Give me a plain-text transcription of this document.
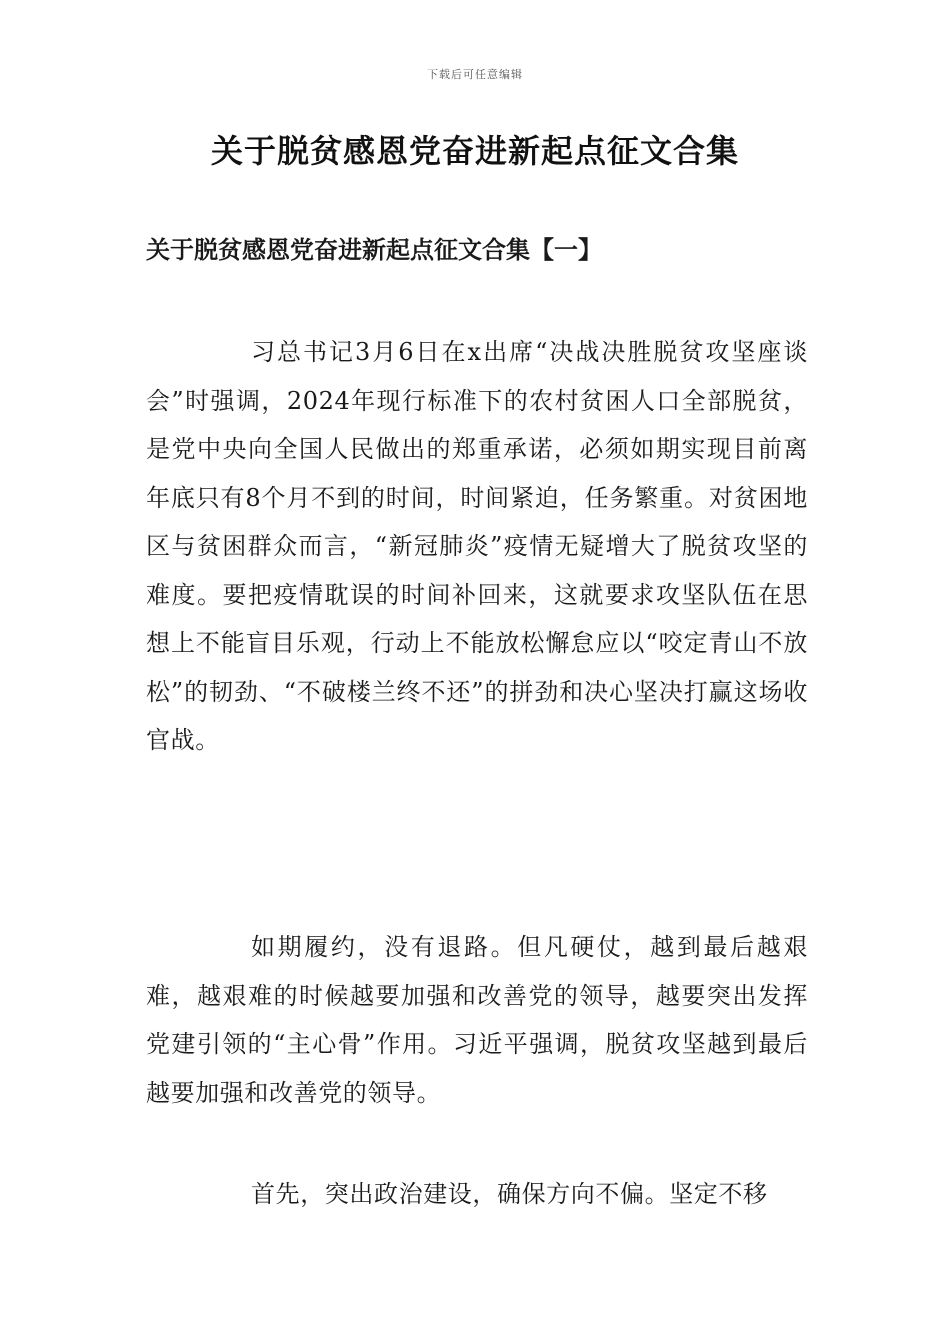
下载后可任意编辑
关于脱贫感恩党奋进新起点征文合集
关于脱贫感恩党奋进新起点征文合集【一】

习总书记3月6日在x出席“决战决胜脱贫攻坚座谈会”时强调，2024年现行标准下的农村贫困人口全部脱贫，是党中央向全国人民做出的郑重承诺，必须如期实现目前离年底只有8个月不到的时间，时间紧迫，任务繁重。对贫困地区与贫困群众而言，“新冠肺炎”疫情无疑增大了脱贫攻坚的难度。要把疫情耽误的时间补回来，这就要求攻坚队伍在思想上不能盲目乐观，行动上不能放松懈怠应以“咬定青山不放松”的韧劲、“不破楼兰终不还”的拼劲和决心坚决打赢这场收官战。

如期履约，没有退路。但凡硬仗，越到最后越艰难，越艰难的时候越要加强和改善党的领导，越要突出发挥党建引领的“主心骨”作用。习近平强调，脱贫攻坚越到最后越要加强和改善党的领导。

首先，突出政治建设，确保方向不偏。坚定不移
